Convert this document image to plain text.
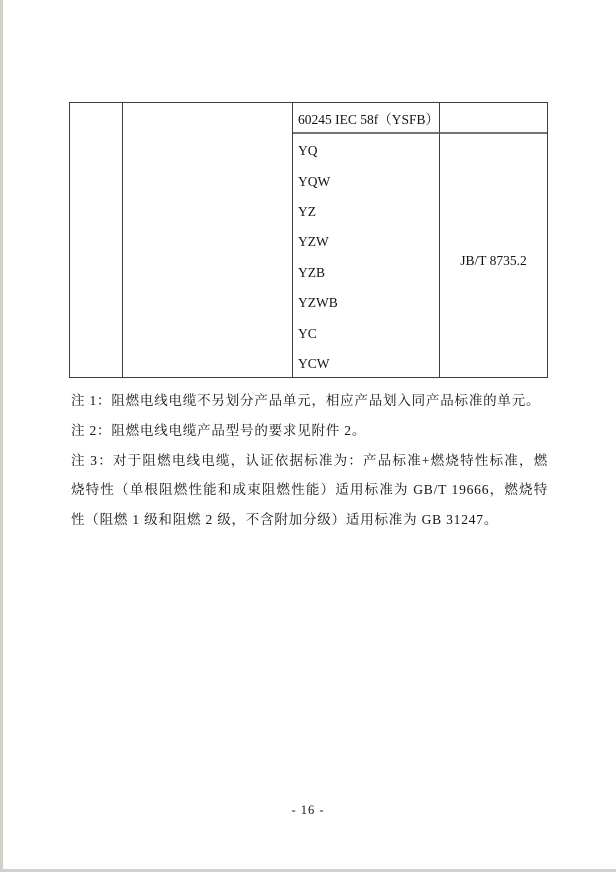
60245 IEC 58f（YSFB）
YQ
YQW
YZ
YZW
YZB
YZWB
YC
YCW
JB/T 8735.2
注 1：阻燃电线电缆不另划分产品单元，相应产品划入同产品标准的单元。
注 2：阻燃电线电缆产品型号的要求见附件 2。
注 3：对于阻燃电线电缆，认证依据标准为：产品标准+燃烧特性标准，燃烧特性（单根阻燃性能和成束阻燃性能）适用标准为 GB/T 19666，燃烧特性（阻燃 1 级和阻燃 2 级，不含附加分级）适用标准为 GB 31247。
- 16 -
